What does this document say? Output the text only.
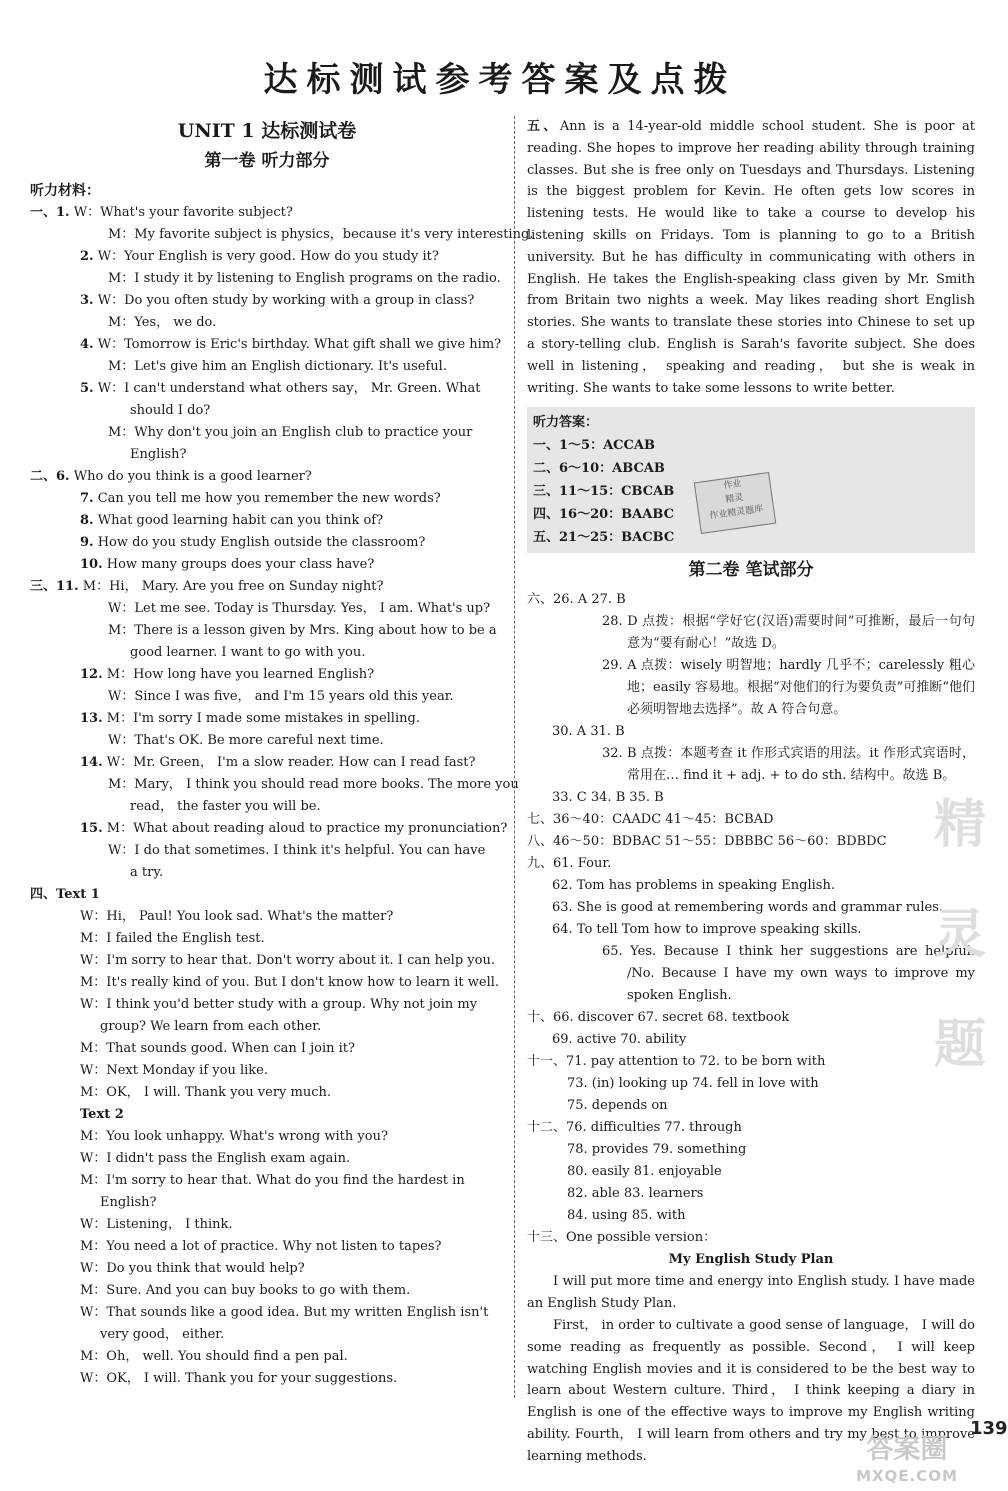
达标测试参考答案及点拨
UNIT 1 达标测试卷
第一卷 听力部分
听力材料：
一、1. W：What's your favorite subject?
M：My favorite subject is physics，because it's very interesting.
2. W：Your English is very good. How do you study it?
M：I study it by listening to English programs on the radio.
3. W：Do you often study by working with a group in class?
M：Yes， we do.
4. W：Tomorrow is Eric's birthday. What gift shall we give him?
M：Let's give him an English dictionary. It's useful.
5. W：I can't understand what others say， Mr. Green. What
should I do?
M：Why don't you join an English club to practice your
English?
二、6. Who do you think is a good learner?
7. Can you tell me how you remember the new words?
8. What good learning habit can you think of?
9. How do you study English outside the classroom?
10. How many groups does your class have?
三、11. M：Hi， Mary. Are you free on Sunday night?
W：Let me see. Today is Thursday. Yes， I am. What's up?
M：There is a lesson given by Mrs. King about how to be a
good learner. I want to go with you.
12. M：How long have you learned English?
W：Since I was five， and I'm 15 years old this year.
13. M：I'm sorry I made some mistakes in spelling.
W：That's OK. Be more careful next time.
14. W：Mr. Green， I'm a slow reader. How can I read fast?
M：Mary， I think you should read more books. The more you
read， the faster you will be.
15. M：What about reading aloud to practice my pronunciation?
W：I do that sometimes. I think it's helpful. You can have
a try.
四、Text 1
W：Hi， Paul! You look sad. What's the matter?
M：I failed the English test.
W：I'm sorry to hear that. Don't worry about it. I can help you.
M：It's really kind of you. But I don't know how to learn it well.
W：I think you'd better study with a group. Why not join my
group? We learn from each other.
M：That sounds good. When can I join it?
W：Next Monday if you like.
M：OK， I will. Thank you very much.
Text 2
M：You look unhappy. What's wrong with you?
W：I didn't pass the English exam again.
M：I'm sorry to hear that. What do you find the hardest in
English?
W：Listening， I think.
M：You need a lot of practice. Why not listen to tapes?
W：Do you think that would help?
M：Sure. And you can buy books to go with them.
W：That sounds like a good idea. But my written English isn't
very good， either.
M：Oh， well. You should find a pen pal.
W：OK， I will. Thank you for your suggestions.

五、Ann is a 14-year-old middle school student. She is poor at reading. She hopes to improve her reading ability through training classes. But she is free only on Tuesdays and Thursdays. Listening is the biggest problem for Kevin. He often gets low scores in listening tests. He would like to take a course to develop his listening skills on Fridays. Tom is planning to go to a British university. But he has difficulty in communicating with others in English. He takes the English-speaking class given by Mr. Smith from Britain two nights a week. May likes reading short English stories. She wants to translate these stories into Chinese to set up a story-telling club. English is Sarah's favorite subject. She does well in listening， speaking and reading， but she is weak in writing. She wants to take some lessons to write better.

听力答案：
一、1～5：ACCAB
二、6～10：ABCAB
三、11～15：CBCAB
四、16～20：BAABC
五、21～25：BACBC
作业
精灵
作业精灵题库
第二卷 笔试部分
六、26. A 27. B
28. D 点拨：根据“学好它(汉语)需要时间”可推断，最后一句句意为“要有耐心！”故选 D。
29. A 点拨：wisely 明智地；hardly 几乎不；carelessly 粗心地；easily 容易地。根据“对他们的行为要负责”可推断“他们必须明智地去选择”。故 A 符合句意。
30. A 31. B
32. B 点拨：本题考查 it 作形式宾语的用法。it 作形式宾语时，常用在… find it + adj. + to do sth. 结构中。故选 B。
33. C 34. B 35. B
七、36～40：CAADC 41～45：BCBAD
八、46～50：BDBAC 51～55：DBBBC 56～60：BDBDC
九、61. Four.
62. Tom has problems in speaking English.
63. She is good at remembering words and grammar rules.
64. To tell Tom how to improve speaking skills.
65. Yes. Because I think her suggestions are helpful. /No. Because I have my own ways to improve my spoken English.
十、66. discover 67. secret 68. textbook
69. active 70. ability
十一、71. pay attention to 72. to be born with
73. (in) looking up 74. fell in love with
75. depends on
十二、76. difficulties 77. through
78. provides 79. something
80. easily 81. enjoyable
82. able 83. learners
84. using 85. with
十三、One possible version：
My English Study Plan

I will put more time and energy into English study. I have made an English Study Plan.

First， in order to cultivate a good sense of language， I will do some reading as frequently as possible. Second， I will keep watching English movies and it is considered to be the best way to learn about Western culture. Third， I think keeping a diary in English is one of the effective ways to improve my English writing ability. Fourth， I will learn from others and try my best to improve learning methods.

精
灵
题
139
答案圈
MXQE.COM
